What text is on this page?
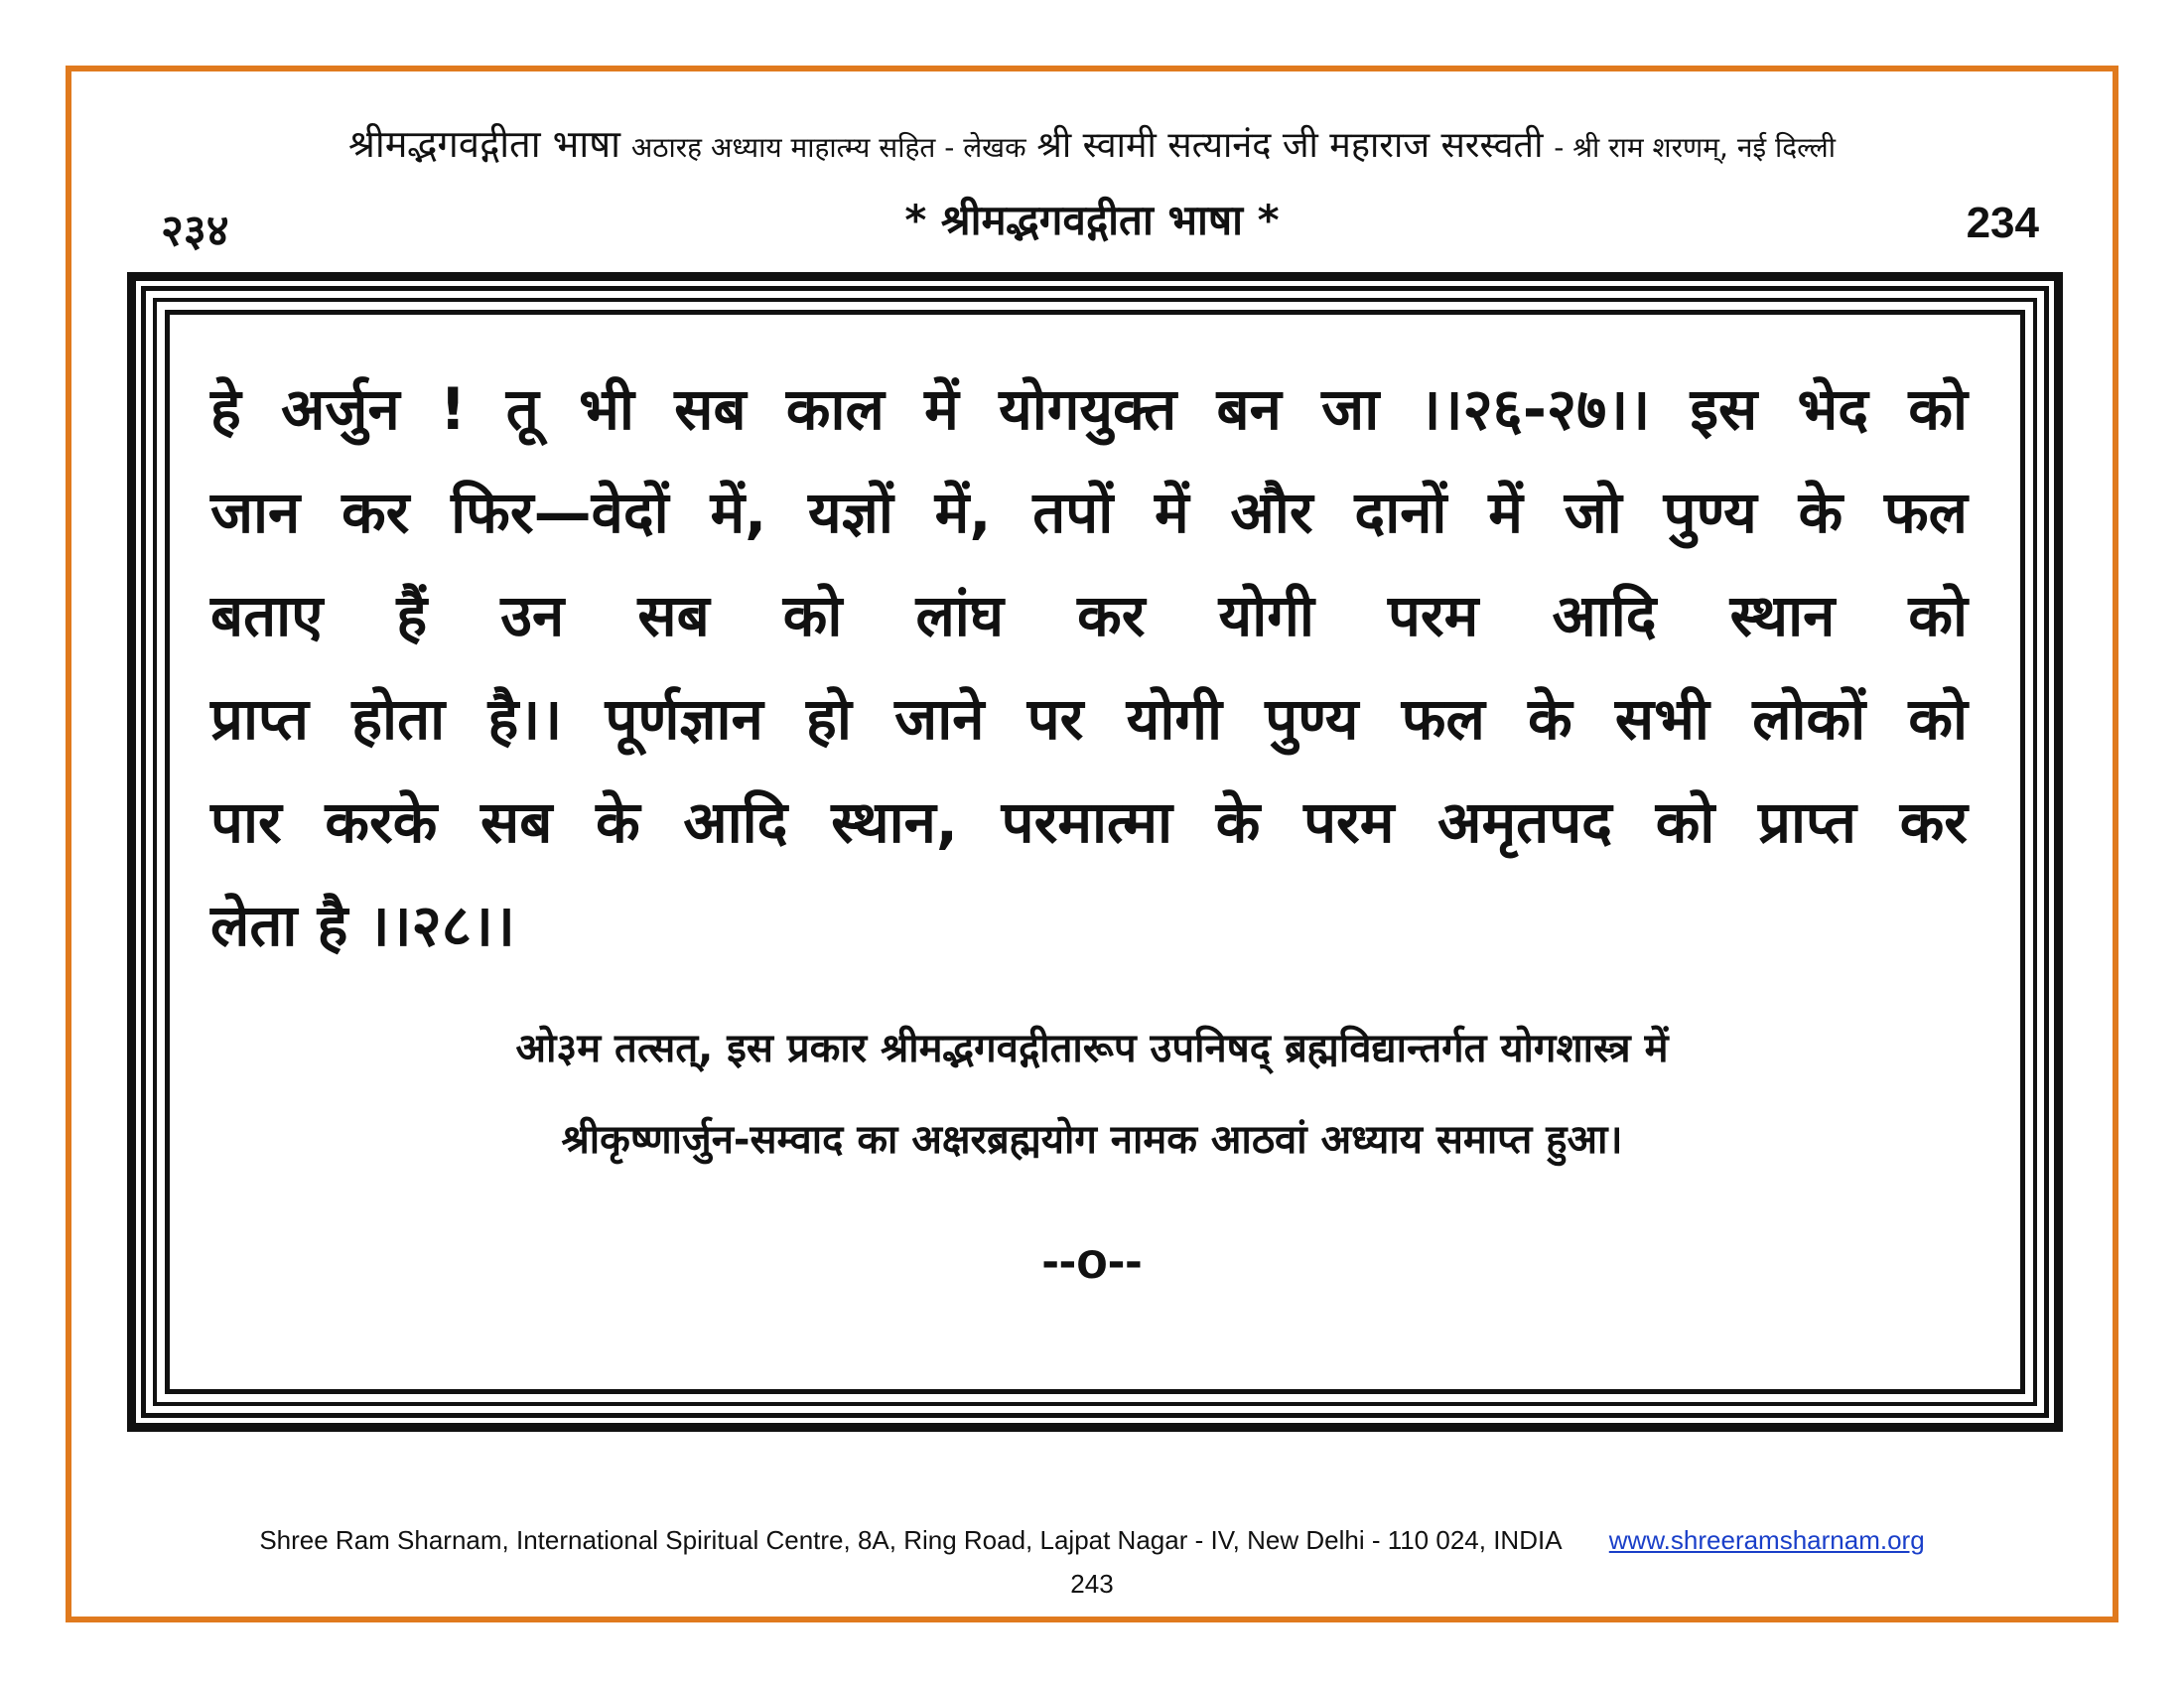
श्रीमद्भगवद्गीता भाषा अठारह अध्याय माहात्म्य सहित - लेखक श्री स्वामी सत्यानंद जी महाराज सरस्वती - श्री राम शरणम्, नई दिल्ली
२३४	* श्रीमद्भगवद्गीता भाषा *	234
हे अर्जुन ! तू भी सब काल में योगयुक्त बन जा ।।२६-२७।। इस भेद को
जान कर फिर—वेदों में, यज्ञों में, तपों में और दानों में जो पुण्य के फल
बताए हैं उन सब को लांघ कर योगी परम आदि स्थान को
प्राप्त होता है।। पूर्णज्ञान हो जाने पर योगी पुण्य फल के सभी लोकों को
पार करके सब के आदि स्थान, परमात्मा के परम अमृतपद को प्राप्त कर
लेता है ।।२८।।
ओ३म तत्सत्, इस प्रकार श्रीमद्भगवद्गीतारूप उपनिषद् ब्रह्मविद्यान्तर्गत योगशास्त्र में
श्रीकृष्णार्जुन-सम्वाद का अक्षरब्रह्मयोग नामक आठवां अध्याय समाप्त हुआ।
--o--
Shree Ram Sharnam, International Spiritual Centre, 8A, Ring Road, Lajpat Nagar - IV, New Delhi - 110 024, INDIA www.shreeramsharnam.org
243
